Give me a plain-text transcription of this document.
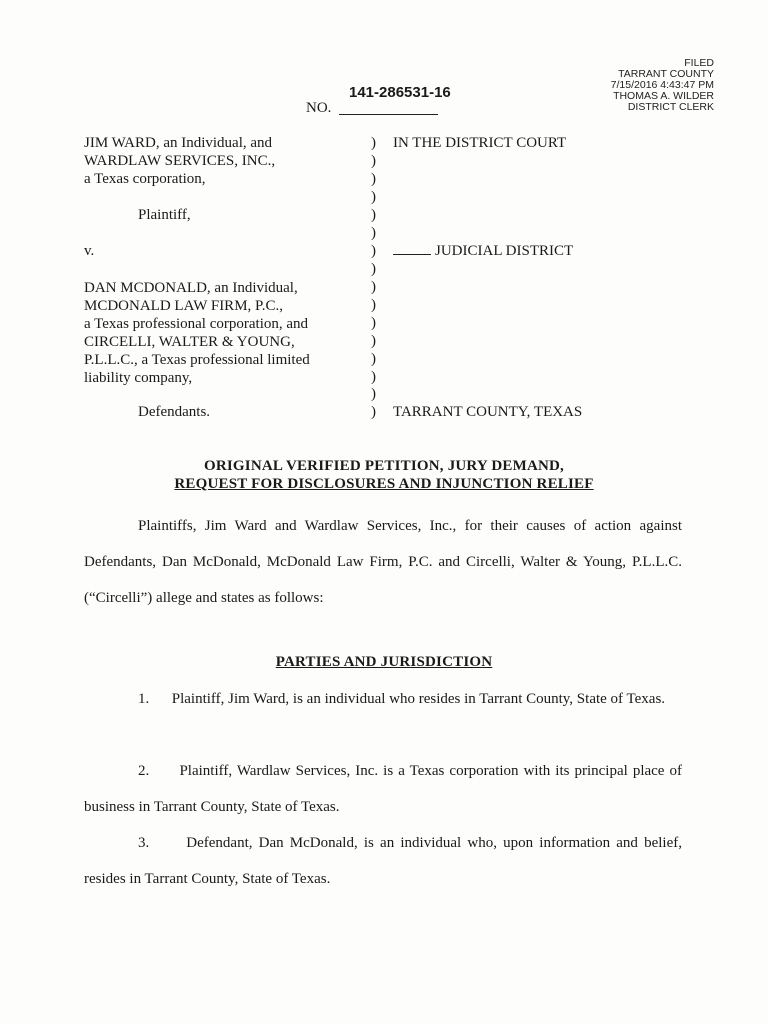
FILED
TARRANT COUNTY
7/15/2016 4:43:47 PM
THOMAS A. WILDER
DISTRICT CLERK
141-286531-16
NO.
JIM WARD, an Individual, and
WARDLAW SERVICES, INC.,
a Texas corporation,
Plaintiff,
v.
DAN MCDONALD, an Individual,
MCDONALD LAW FIRM, P.C.,
a Texas professional corporation, and
CIRCELLI, WALTER & YOUNG,
P.L.L.C., a Texas professional limited
liability company,
Defendants.
)
)
)
)
)
)
)
)
)
)
)
)
)
)
)
)
IN THE DISTRICT COURT
JUDICIAL DISTRICT
TARRANT COUNTY, TEXAS
ORIGINAL VERIFIED PETITION, JURY DEMAND,
REQUEST FOR DISCLOSURES AND INJUNCTION RELIEF
Plaintiffs, Jim Ward and Wardlaw Services, Inc., for their causes of action against Defendants, Dan McDonald, McDonald Law Firm, P.C. and Circelli, Walter & Young, P.L.L.C. (“Circelli”) allege and states as follows:
PARTIES AND JURISDICTION
1. Plaintiff, Jim Ward, is an individual who resides in Tarrant County, State of Texas.
2. Plaintiff, Wardlaw Services, Inc. is a Texas corporation with its principal place of business in Tarrant County, State of Texas.
3. Defendant, Dan McDonald, is an individual who, upon information and belief, resides in Tarrant County, State of Texas.
